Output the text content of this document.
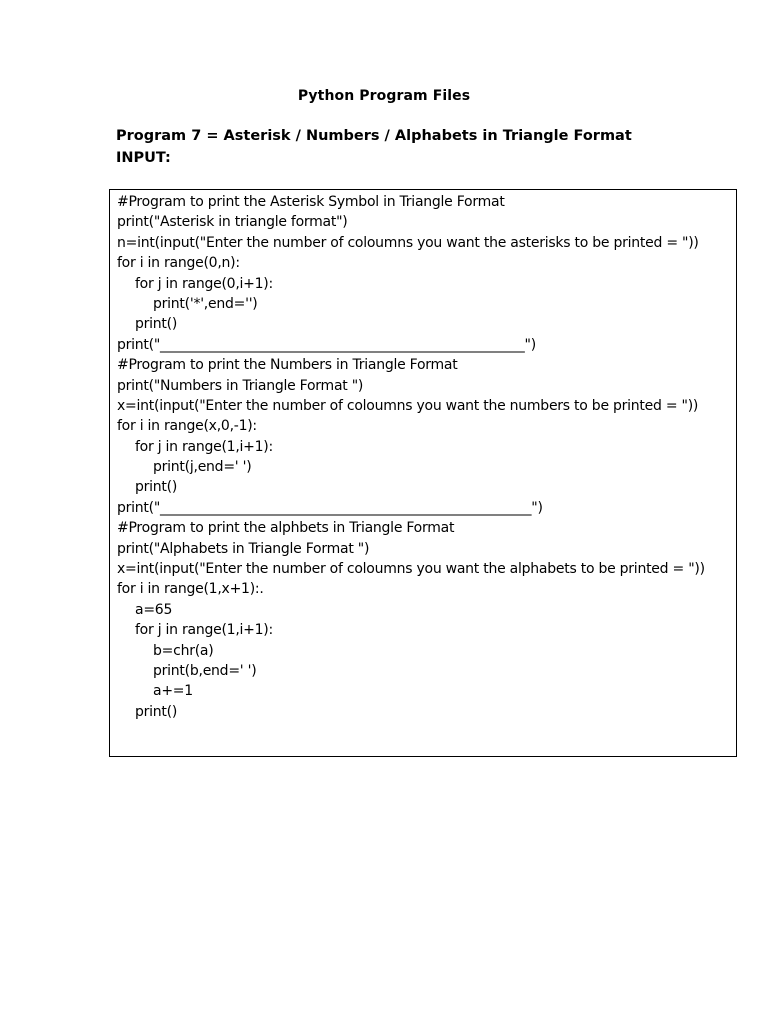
Python Program Files
Program 7 = Asterisk / Numbers / Alphabets in Triangle Format
INPUT:
#Program to print the Asterisk Symbol in Triangle Format
print("Asterisk in triangle format")
n=int(input("Enter the number of coloumns you want the asterisks to be printed = "))
for i in range(0,n):
for j in range(0,i+1):
print('*',end='')
print()
print("______________________________________________________")
#Program to print the Numbers in Triangle Format
print("Numbers in Triangle Format ")
x=int(input("Enter the number of coloumns you want the numbers to be printed = "))
for i in range(x,0,-1):
for j in range(1,i+1):
print(j,end=' ')
print()
print("_______________________________________________________")
#Program to print the alphbets in Triangle Format
print("Alphabets in Triangle Format ")
x=int(input("Enter the number of coloumns you want the alphabets to be printed = "))
for i in range(1,x+1):.
a=65
for j in range(1,i+1):
b=chr(a)
print(b,end=' ')
a+=1
print()
